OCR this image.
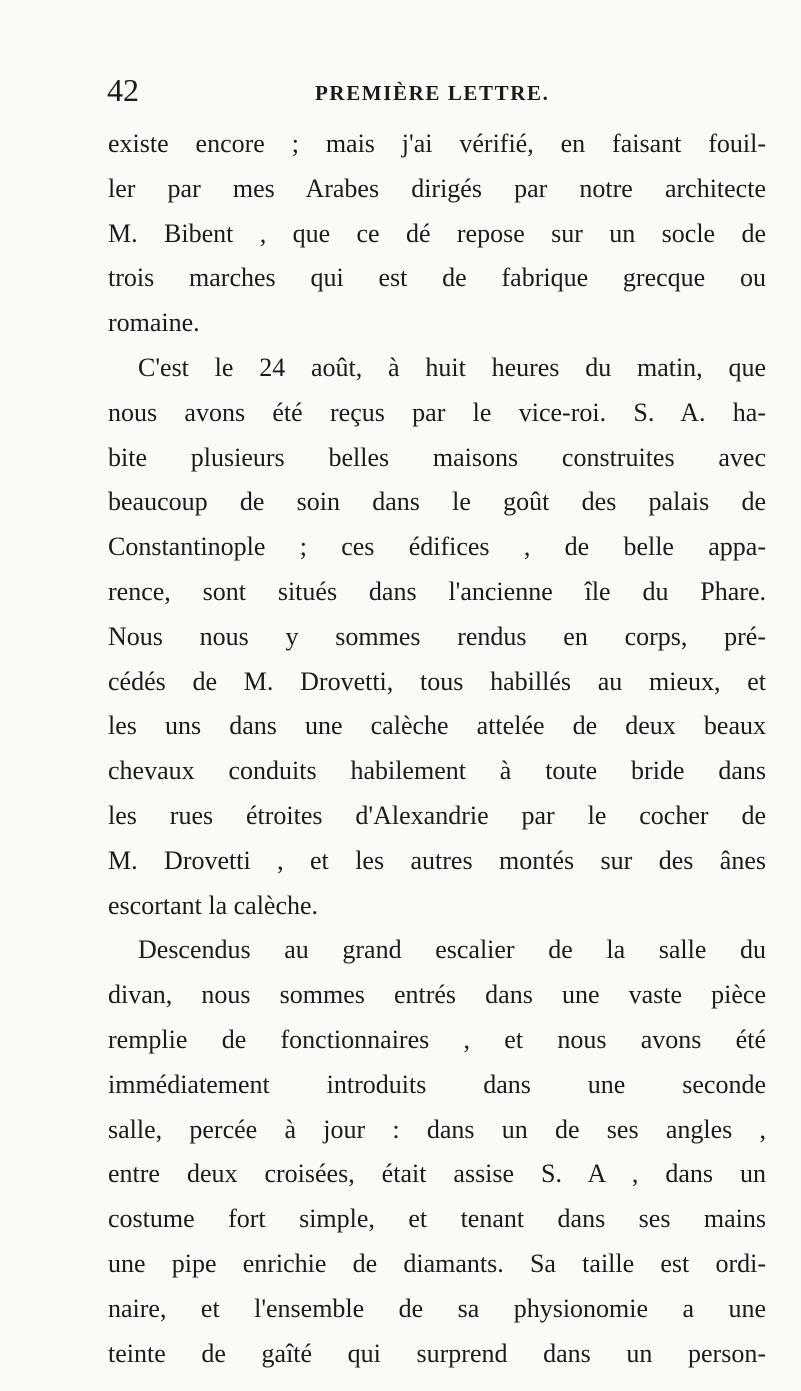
42	PREMIÈRE LETTRE.
existe encore ; mais j'ai vérifié, en faisant fouil-
ler par mes Arabes dirigés par notre architecte
M. Bibent , que ce dé repose sur un socle de
trois marches qui est de fabrique grecque ou
romaine.
C'est le 24 août, à huit heures du matin, que
nous avons été reçus par le vice-roi. S. A. ha-
bite plusieurs belles maisons construites avec
beaucoup de soin dans le goût des palais de
Constantinople ; ces édifices , de belle appa-
rence, sont situés dans l'ancienne île du Phare.
Nous nous y sommes rendus en corps, pré-
cédés de M. Drovetti, tous habillés au mieux, et
les uns dans une calèche attelée de deux beaux
chevaux conduits habilement à toute bride dans
les rues étroites d'Alexandrie par le cocher de
M. Drovetti , et les autres montés sur des ânes
escortant la calèche.
Descendus au grand escalier de la salle du
divan, nous sommes entrés dans une vaste pièce
remplie de fonctionnaires , et nous avons été
immédiatement introduits dans une seconde
salle, percée à jour : dans un de ses angles ,
entre deux croisées, était assise S. A , dans un
costume fort simple, et tenant dans ses mains
une pipe enrichie de diamants. Sa taille est ordi-
naire, et l'ensemble de sa physionomie a une
teinte de gaîté qui surprend dans un person-
